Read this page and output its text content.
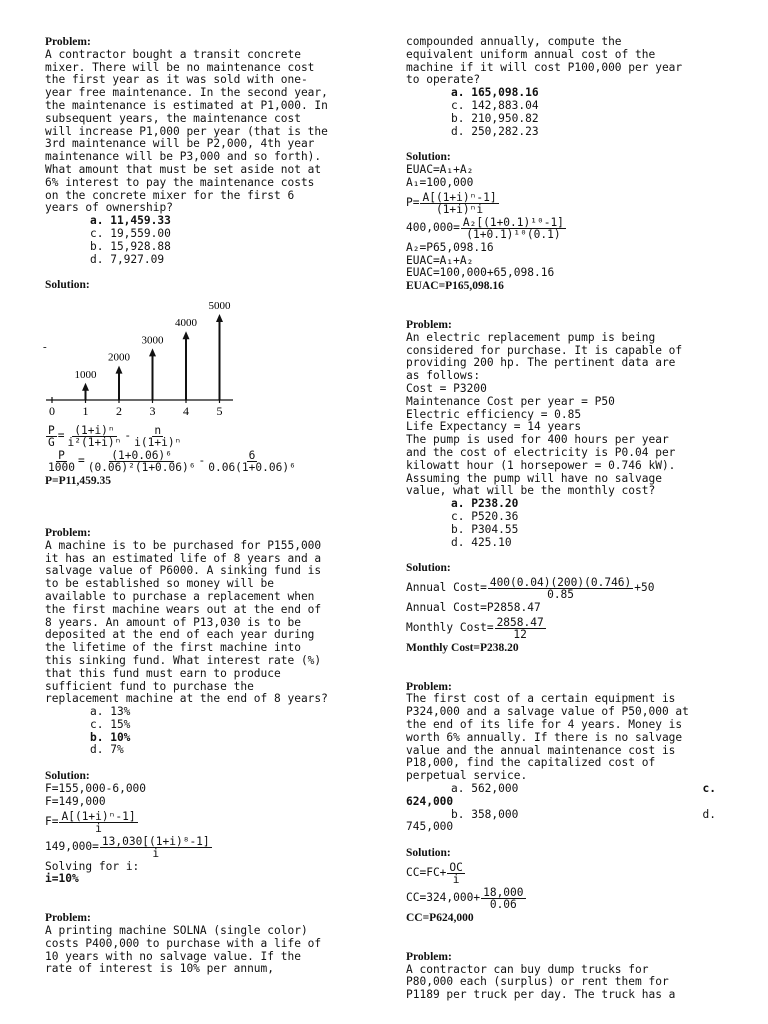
Problem:
A contractor bought a transit concrete
mixer. There will be no maintenance cost
the first year as it was sold with one-
year free maintenance. In the second year,
the maintenance is estimated at P1,000. In
subsequent years, the maintenance cost
will increase P1,000 per year (that is the
3rd maintenance will be P2,000, 4th year
maintenance will be P3,000 and so forth).
What amount that must be set aside not at
6% interest to pay the maintenance costs
on the concrete mixer for the first 6
years of ownership?
a. 11,459.33
c. 19,559.00
b. 15,928.88
d. 7,927.09
Solution:
-
1000
2000
3000
4000
5000
0 1 2 3 4 5
$\frac{P}{G} = \frac{\text{(1+i)ⁿ}}{\text{i²(1+i)ⁿ}} - \frac{n}{\text{i(1+i)ⁿ}}$
$\frac{P}{1000} = \frac{\text{(1+0.06)⁶}}{\text{(0.06)²(1+0.06)⁶}} - \frac{6}{\text{0.06(1+0.06)⁶}}$
P=P11,459.35
Problem:
A machine is to be purchased for P155,000
it has an estimated life of 8 years and a
salvage value of P6000. A sinking fund is
to be established so money will be
available to purchase a replacement when
the first machine wears out at the end of
8 years. An amount of P13,030 is to be
deposited at the end of each year during
the lifetime of the first machine into
this sinking fund. What interest rate (%)
that this fund must earn to produce
sufficient fund to purchase the
replacement machine at the end of 8 years?
a. 13%
c. 15%
b. 10%
d. 7%
Solution:
F=155,000-6,000
F=149,000
$F= \frac{\text{A[(1+i)ⁿ-1]}}{i}$
$149,000= \frac{\text{13,030[(1+i)⁸-1]}}{i}$
Solving for i:
i=10%
Problem:
A printing machine SOLNA (single color)
costs P400,000 to purchase with a life of
10 years with no salvage value. If the
rate of interest is 10% per annum,
compounded annually, compute the
equivalent uniform annual cost of the
machine if it will cost P100,000 per year
to operate?
a. 165,098.16
c. 142,883.04
b. 210,950.82
d. 250,282.23
Solution:
EUAC=A₁+A₂
A₁=100,000
$P= \frac{\text{A[(1+i)ⁿ-1]}}{\text{(1+i)ⁿi}}$
$400,000= \frac{\text{A₂[(1+0.1)¹⁰-1]}}{\text{(1+0.1)¹⁰(0.1)}}$
A₂=P65,098.16
EUAC=A₁+A₂
EUAC=100,000+65,098.16
EUAC=P165,098.16
Problem:
An electric replacement pump is being
considered for purchase. It is capable of
providing 200 hp. The pertinent data are
as follows:
Cost = P3200
Maintenance Cost per year = P50
Electric efficiency = 0.85
Life Expectancy = 14 years
The pump is used for 400 hours per year
and the cost of electricity is P0.04 per
kilowatt hour (1 horsepower = 0.746 kW).
Assuming the pump will have no salvage
value, what will be the monthly cost?
a. P238.20
c. P520.36
b. P304.55
d. 425.10
Solution:
Annual Cost= $\frac{400(0.04)(200)(0.746)}{0.85} +50$
Annual Cost=P2858.47
Monthly Cost= $\frac{2858.47}{12}$
Monthly Cost=P238.20
Problem:
The first cost of a certain equipment is
P324,000 and a salvage value of P50,000 at
the end of its life for 4 years. Money is
worth 6% annually. If there is no salvage
value and the annual maintenance cost is
P18,000, find the capitalized cost of
perpetual service.
a. 562,000	c.
624,000
b. 358,000	d.
745,000
Solution:
$CC=FC+ \frac{OC}{i}$
$CC=324,000+ \frac{18,000}{0.06}$
CC=P624,000
Problem:
A contractor can buy dump trucks for
P80,000 each (surplus) or rent them for
P1189 per truck per day. The truck has a
